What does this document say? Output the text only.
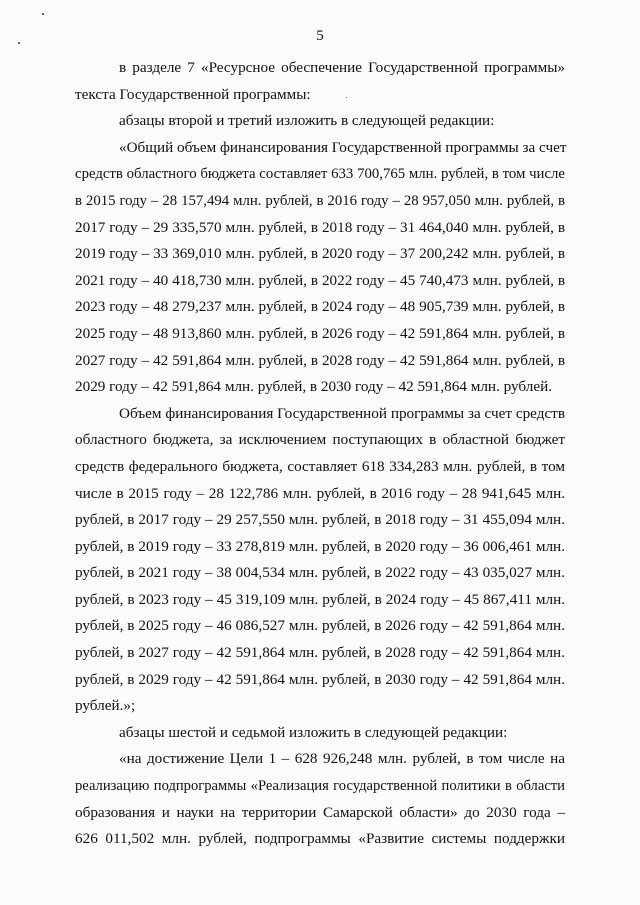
5
в разделе 7 «Ресурсное обеспечение Государственной программы»
текста Государственной программы:
абзацы второй и третий изложить в следующей редакции:
«Общий объем финансирования Государственной программы за счет
средств областного бюджета составляет 633 700,765 млн. рублей, в том числе
в 2015 году – 28 157,494 млн. рублей, в 2016 году – 28 957,050 млн. рублей, в
2017 году – 29 335,570 млн. рублей, в 2018 году – 31 464,040 млн. рублей, в
2019 году – 33 369,010 млн. рублей, в 2020 году – 37 200,242 млн. рублей, в
2021 году – 40 418,730 млн. рублей, в 2022 году – 45 740,473 млн. рублей, в
2023 году – 48 279,237 млн. рублей, в 2024 году – 48 905,739 млн. рублей, в
2025 году – 48 913,860 млн. рублей, в 2026 году – 42 591,864 млн. рублей, в
2027 году – 42 591,864 млн. рублей, в 2028 году – 42 591,864 млн. рублей, в
2029 году – 42 591,864 млн. рублей, в 2030 году – 42 591,864 млн. рублей.
Объем финансирования Государственной программы за счет средств
областного бюджета, за исключением поступающих в областной бюджет
средств федерального бюджета, составляет 618 334,283 млн. рублей, в том
числе в 2015 году – 28 122,786 млн. рублей, в 2016 году – 28 941,645 млн.
рублей, в 2017 году – 29 257,550 млн. рублей, в 2018 году – 31 455,094 млн.
рублей, в 2019 году – 33 278,819 млн. рублей, в 2020 году – 36 006,461 млн.
рублей, в 2021 году – 38 004,534 млн. рублей, в 2022 году – 43 035,027 млн.
рублей, в 2023 году – 45 319,109 млн. рублей, в 2024 году – 45 867,411 млн.
рублей, в 2025 году – 46 086,527 млн. рублей, в 2026 году – 42 591,864 млн.
рублей, в 2027 году – 42 591,864 млн. рублей, в 2028 году – 42 591,864 млн.
рублей, в 2029 году – 42 591,864 млн. рублей, в 2030 году – 42 591,864 млн.
рублей.»;
абзацы шестой и седьмой изложить в следующей редакции:
«на достижение Цели 1 – 628 926,248 млн. рублей, в том числе на
реализацию подпрограммы «Реализация государственной политики в области
образования и науки на территории Самарской области» до 2030 года –
626 011,502 млн. рублей, подпрограммы «Развитие системы поддержки
